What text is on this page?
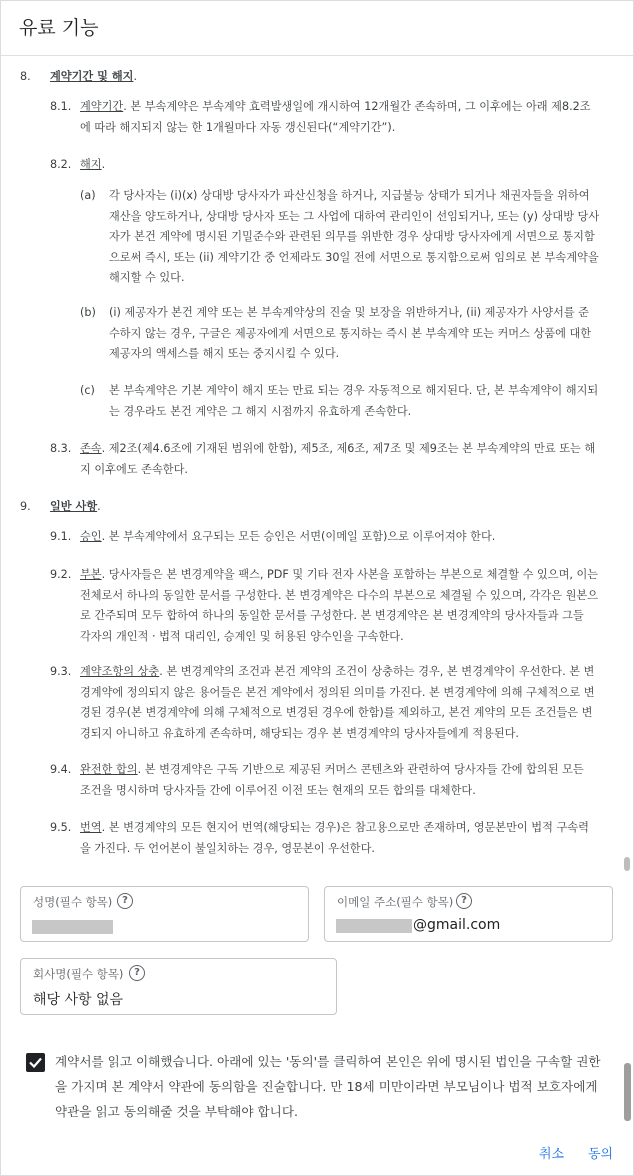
유료 기능
8. 계약기간 및 해지.
8.1. 계약기간. 본 부속계약은 부속계약 효력발생일에 개시하여 12개월간 존속하며, 그 이후에는 아래 제8.2조
에 따라 해지되지 않는 한 1개월마다 자동 갱신된다(“계약기간”).
8.2. 해지.
(a) 각 당사자는 (i)(x) 상대방 당사자가 파산신청을 하거나, 지급불능 상태가 되거나 채권자들을 위하여
재산을 양도하거나, 상대방 당사자 또는 그 사업에 대하여 관리인이 선임되거나, 또는 (y) 상대방 당사
자가 본건 계약에 명시된 기밀준수와 관련된 의무를 위반한 경우 상대방 당사자에게 서면으로 통지함
으로써 즉시, 또는 (ii) 계약기간 중 언제라도 30일 전에 서면으로 통지함으로써 임의로 본 부속계약을
해지할 수 있다.
(b) (i) 제공자가 본건 계약 또는 본 부속계약상의 진술 및 보장을 위반하거나, (ii) 제공자가 사양서를 준
수하지 않는 경우, 구글은 제공자에게 서면으로 통지하는 즉시 본 부속계약 또는 커머스 상품에 대한
제공자의 액세스를 해지 또는 중지시킬 수 있다.
(c) 본 부속계약은 기본 계약이 해지 또는 만료 되는 경우 자동적으로 해지된다. 단, 본 부속계약이 해지되
는 경우라도 본건 계약은 그 해지 시점까지 유효하게 존속한다.
8.3. 존속. 제2조(제4.6조에 기재된 범위에 한함), 제5조, 제6조, 제7조 및 제9조는 본 부속계약의 만료 또는 해
지 이후에도 존속한다.
9. 일반 사항.
9.1. 승인. 본 부속계약에서 요구되는 모든 승인은 서면(이메일 포함)으로 이루어져야 한다.
9.2. 부본. 당사자들은 본 변경계약을 팩스, PDF 및 기타 전자 사본을 포함하는 부본으로 체결할 수 있으며, 이는
전체로서 하나의 동일한 문서를 구성한다. 본 변경계약은 다수의 부본으로 체결될 수 있으며, 각각은 원본으
로 간주되며 모두 합하여 하나의 동일한 문서를 구성한다. 본 변경계약은 본 변경계약의 당사자들과 그들
각자의 개인적 · 법적 대리인, 승계인 및 허용된 양수인을 구속한다.
9.3. 계약조항의 상충. 본 변경계약의 조건과 본건 계약의 조건이 상충하는 경우, 본 변경계약이 우선한다. 본 변
경계약에 정의되지 않은 용어들은 본건 계약에서 정의된 의미를 가진다. 본 변경계약에 의해 구체적으로 변
경된 경우(본 변경계약에 의해 구체적으로 변경된 경우에 한함)를 제외하고, 본건 계약의 모든 조건들은 변
경되지 아니하고 유효하게 존속하며, 해당되는 경우 본 변경계약의 당사자들에게 적용된다.
9.4. 완전한 합의. 본 변경계약은 구독 기반으로 제공된 커머스 콘텐츠와 관련하여 당사자들 간에 합의된 모든
조건을 명시하며 당사자들 간에 이루어진 이전 또는 현재의 모든 합의를 대체한다.
9.5. 번역. 본 변경계약의 모든 현지어 번역(해당되는 경우)은 참고용으로만 존재하며, 영문본만이 법적 구속력
을 가진다. 두 언어본이 불일치하는 경우, 영문본이 우선한다.
성명(필수 항목) ?	이메일 주소(필수 항목) ?
@gmail.com
회사명(필수 항목)	?
해당 사항 없음
계약서를 읽고 이해했습니다. 아래에 있는 '동의'를 클릭하여 본인은 위에 명시된 법인을 구속할 권한을 가지며 본 계약서 약관에 동의함을 진술합니다. 만 18세 미만이라면 부모님이나 법적 보호자에게 약관을 읽고 동의해줄 것을 부탁해야 합니다.
취소 동의
